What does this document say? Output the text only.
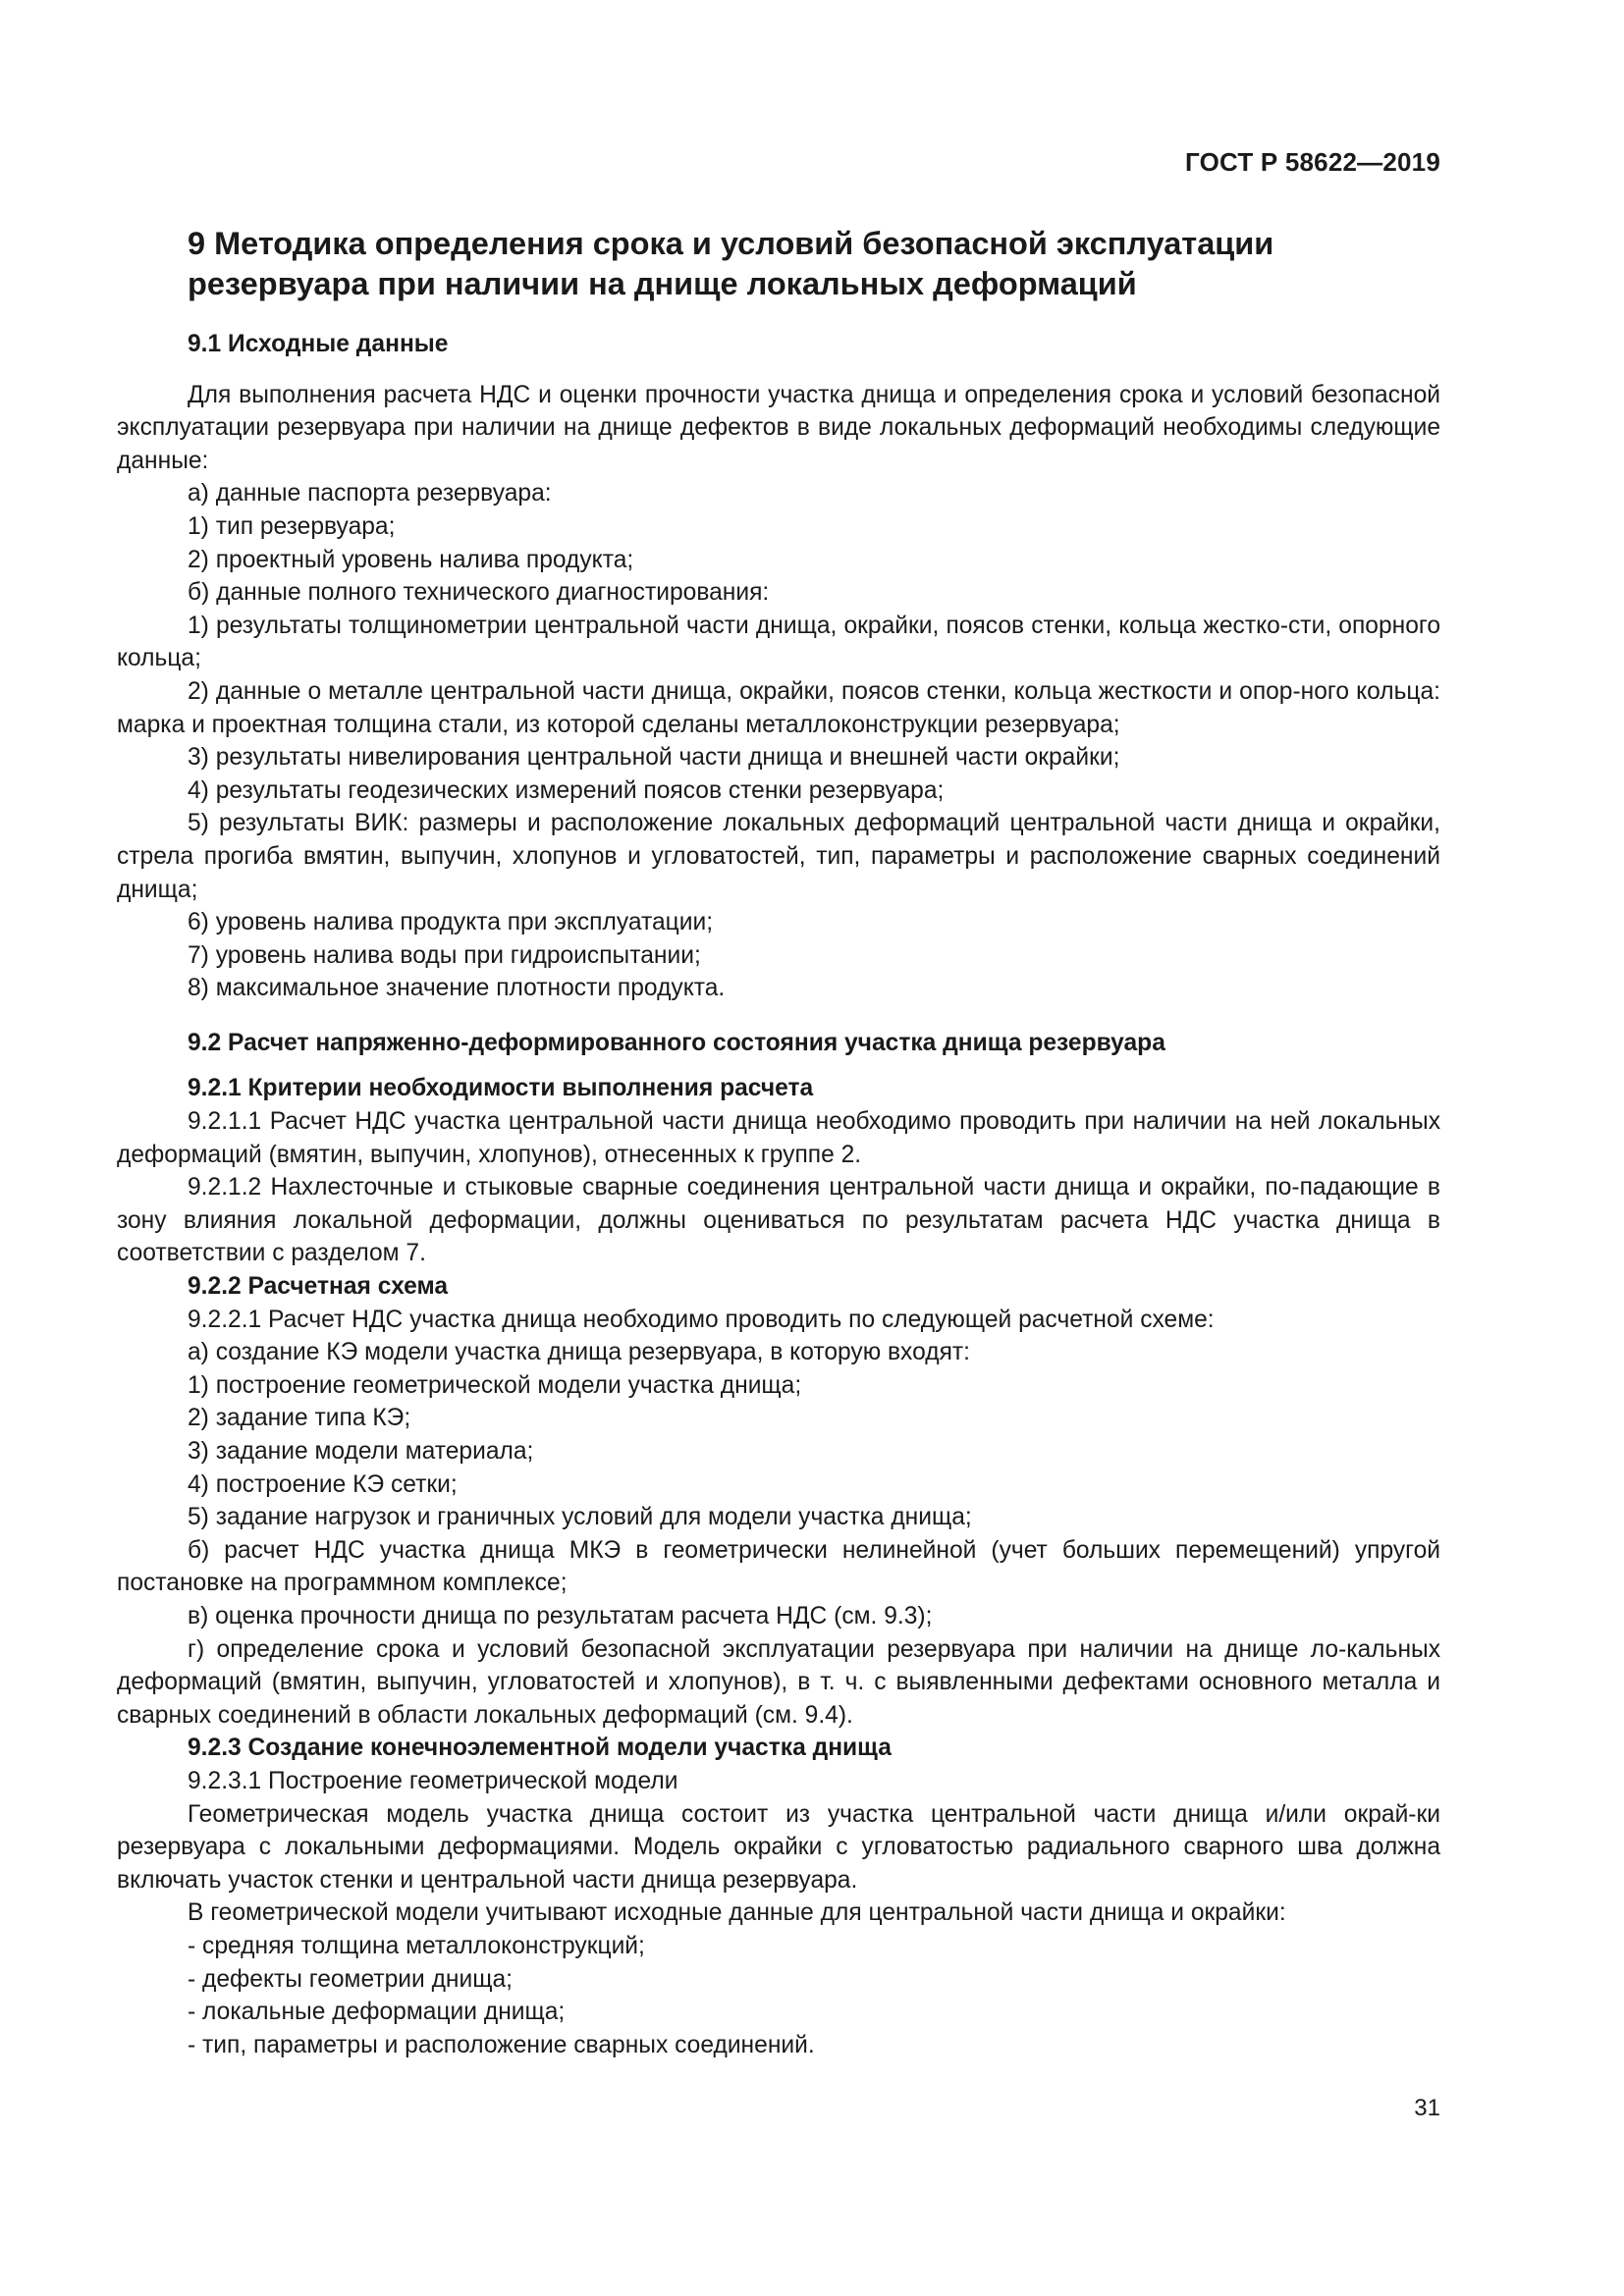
ГОСТ Р 58622—2019
9 Методика определения срока и условий безопасной эксплуатации резервуара при наличии на днище локальных деформаций

9.1 Исходные данные

Для выполнения расчета НДС и оценки прочности участка днища и определения срока и условий безопасной эксплуатации резервуара при наличии на днище дефектов в виде локальных деформаций необходимы следующие данные:

а) данные паспорта резервуара:

1) тип резервуара;

2) проектный уровень налива продукта;

б) данные полного технического диагностирования:

1) результаты толщинометрии центральной части днища, окрайки, поясов стенки, кольца жестко-сти, опорного кольца;

2) данные о металле центральной части днища, окрайки, поясов стенки, кольца жесткости и опор-ного кольца: марка и проектная толщина стали, из которой сделаны металлоконструкции резервуара;

3) результаты нивелирования центральной части днища и внешней части окрайки;

4) результаты геодезических измерений поясов стенки резервуара;

5) результаты ВИК: размеры и расположение локальных деформаций центральной части днища и окрайки, стрела прогиба вмятин, выпучин, хлопунов и угловатостей, тип, параметры и расположение сварных соединений днища;

6) уровень налива продукта при эксплуатации;

7) уровень налива воды при гидроиспытании;

8) максимальное значение плотности продукта.

9.2 Расчет напряженно-деформированного состояния участка днища резервуара

9.2.1 Критерии необходимости выполнения расчета

9.2.1.1 Расчет НДС участка центральной части днища необходимо проводить при наличии на ней локальных деформаций (вмятин, выпучин, хлопунов), отнесенных к группе 2.

9.2.1.2 Нахлесточные и стыковые сварные соединения центральной части днища и окрайки, по-падающие в зону влияния локальной деформации, должны оцениваться по результатам расчета НДС участка днища в соответствии с разделом 7.

9.2.2 Расчетная схема

9.2.2.1 Расчет НДС участка днища необходимо проводить по следующей расчетной схеме:

а) создание КЭ модели участка днища резервуара, в которую входят:

1) построение геометрической модели участка днища;

2) задание типа КЭ;

3) задание модели материала;

4) построение КЭ сетки;

5) задание нагрузок и граничных условий для модели участка днища;

б) расчет НДС участка днища МКЭ в геометрически нелинейной (учет больших перемещений) упругой постановке на программном комплексе;

в) оценка прочности днища по результатам расчета НДС (см. 9.3);

г) определение срока и условий безопасной эксплуатации резервуара при наличии на днище ло-кальных деформаций (вмятин, выпучин, угловатостей и хлопунов), в т. ч. с выявленными дефектами основного металла и сварных соединений в области локальных деформаций (см. 9.4).

9.2.3 Создание конечноэлементной модели участка днища

9.2.3.1 Построение геометрической модели

Геометрическая модель участка днища состоит из участка центральной части днища и/или окрай-ки резервуара с локальными деформациями. Модель окрайки с угловатостью радиального сварного шва должна включать участок стенки и центральной части днища резервуара.

В геометрической модели учитывают исходные данные для центральной части днища и окрайки:

- средняя толщина металлоконструкций;

- дефекты геометрии днища;

- локальные деформации днища;

- тип, параметры и расположение сварных соединений.

31
